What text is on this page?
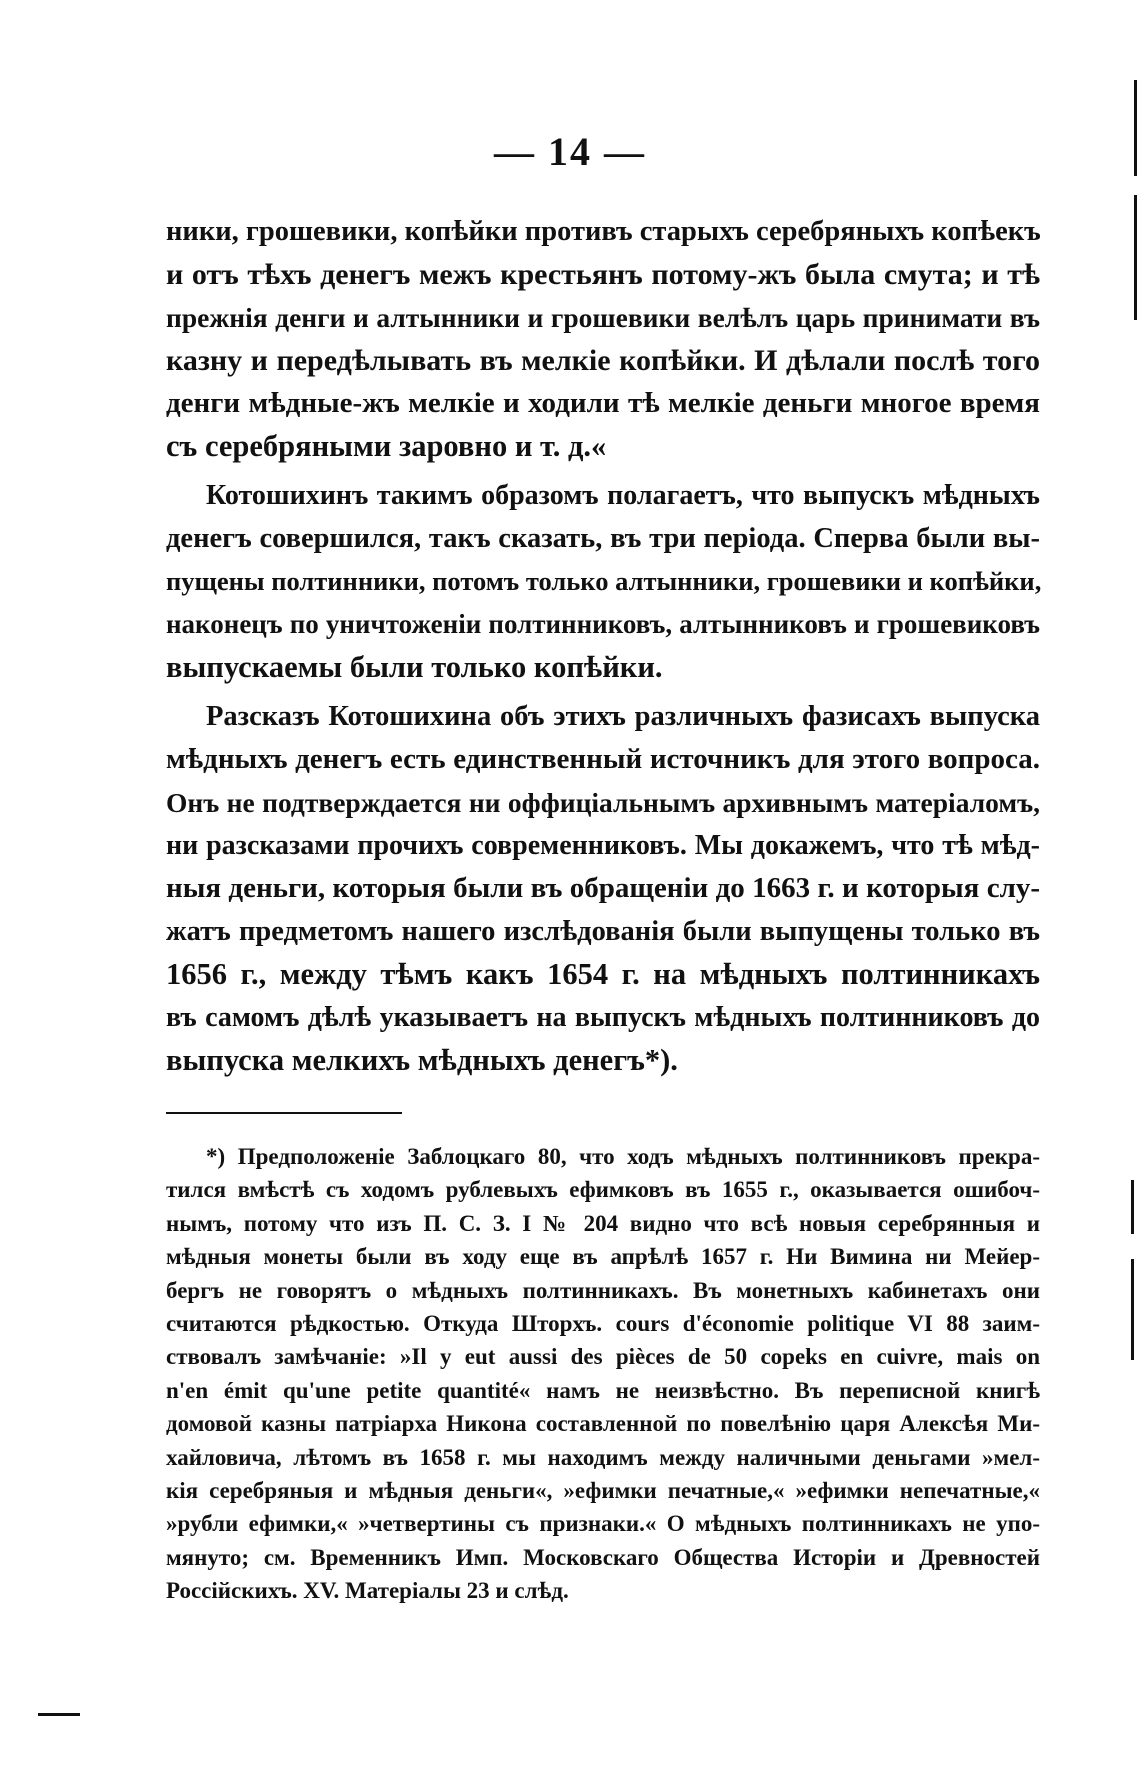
— 14 —
ники, грошевики, копѣйки противъ старыхъ серебряныхъ копѣекъ
и отъ тѣхъ денегъ межъ крестьянъ потому-жъ была смута; и тѣ
прежнія денги и алтынники и грошевики велѣлъ царь принимати въ
казну и передѣлывать въ мелкіе копѣйки. И дѣлали послѣ того
денги мѣдные-жъ мелкіе и ходили тѣ мелкіе деньги многое время
съ серебряными заровно и т. д.«
Котошихинъ такимъ образомъ полагаетъ, что выпускъ мѣдныхъ
денегъ совершился, такъ сказать, въ три періода. Сперва были вы-
пущены полтинники, потомъ только алтынники, грошевики и копѣйки,
наконецъ по уничтоженіи полтинниковъ, алтынниковъ и грошевиковъ
выпускаемы были только копѣйки.
Разсказъ Котошихина объ этихъ различныхъ фазисахъ выпуска
мѣдныхъ денегъ есть единственный источникъ для этого вопроса.
Онъ не подтверждается ни оффиціальнымъ архивнымъ матеріаломъ,
ни разсказами прочихъ современниковъ. Мы докажемъ, что тѣ мѣд-
ныя деньги, которыя были въ обращеніи до 1663 г. и которыя слу-
жатъ предметомъ нашего изслѣдованія были выпущены только въ
1656 г., между тѣмъ какъ 1654 г. на мѣдныхъ полтинникахъ
въ самомъ дѣлѣ указываетъ на выпускъ мѣдныхъ полтинниковъ до
выпуска мелкихъ мѣдныхъ денегъ*).
*) Предположеніе Заблоцкаго 80, что ходъ мѣдныхъ полтинниковъ прекра-
тился вмѣстѣ съ ходомъ рублевыхъ ефимковъ въ 1655 г., оказывается ошибоч-
нымъ, потому что изъ П. С. З. I № 204 видно что всѣ новыя серебрянныя и
мѣдныя монеты были въ ходу еще въ апрѣлѣ 1657 г. Ни Вимина ни Мейер-
бергъ не говорятъ о мѣдныхъ полтинникахъ. Въ монетныхъ кабинетахъ они
считаются рѣдкостью. Откуда Шторхъ. cours d'économie politique VI 88 заим-
ствовалъ замѣчаніе: »Il y eut aussi des pièces de 50 copeks en cuivre, mais on
n'en émit qu'une petite quantité« намъ не неизвѣстно. Въ переписной книгѣ
домовой казны патріарха Никона составленной по повелѣнію царя Алексѣя Ми-
хайловича, лѣтомъ въ 1658 г. мы находимъ между наличными деньгами »мел-
кія серебряныя и мѣдныя деньги«, »ефимки печатные,« »ефимки непечатные,«
»рубли ефимки,« »четвертины съ признаки.« О мѣдныхъ полтинникахъ не упо-
мянуто; см. Временникъ Имп. Московскаго Общества Исторіи и Древностей
Россійскихъ. XV. Матеріалы 23 и слѣд.
